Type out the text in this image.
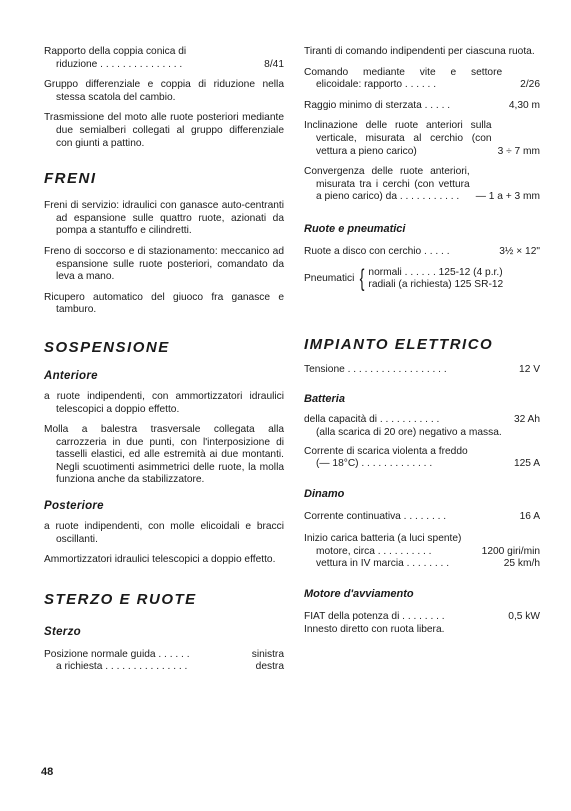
Rapporto della coppia conica di

riduzione . . . . . . . . . . . . . . .	8/41

Gruppo differenziale e coppia di riduzione nella stessa scatola del cambio.

Trasmissione del moto alle ruote posteriori mediante due semialberi collegati al gruppo differenziale con giunti a pattino.

FRENI

Freni di servizio: idraulici con ganasce auto-centranti ad espansione sulle quattro ruote, azionati da pompa a stantuffo e cilindretti.

Freno di soccorso e di stazionamento: meccanico ad espansione sulle ruote posteriori, comandato da leva a mano.

Ricupero automatico del giuoco fra ganasce e tamburo.

SOSPENSIONE
Anteriore

a ruote indipendenti, con ammortizzatori idraulici telescopici a doppio effetto.

Molla a balestra trasversale collegata alla carrozzeria in due punti, con l'interposizione di tasselli elastici, ed alle estremità ai due montanti. Negli scuotimenti asimmetrici delle ruote, la molla funziona anche da stabilizzatore.

Posteriore

a ruote indipendenti, con molle elicoidali e bracci oscillanti.

Ammortizzatori idraulici telescopici a doppio effetto.

STERZO E RUOTE
Sterzo
Posizione normale guida . . . . . .	sinistra
a richiesta . . . . . . . . . . . . . . .	destra

Tiranti di comando indipendenti per ciascuna ruota.

Comando mediante vite e settore elicoidale: rapporto . . . . . .	2/26
Raggio minimo di sterzata . . . . .	4,30 m
Inclinazione delle ruote anteriori sulla verticale, misurata al cerchio (con vettura a pieno carico)	3 ÷ 7 mm
Convergenza delle ruote anteriori, misurata tra i cerchi (con vettura a pieno carico) da . . . . . . . . . . .	— 1 a + 3 mm
Ruote e pneumatici
Ruote a disco con cerchio . . . . .	3½ × 12"
Pneumatici { normali . . . . . . 125-12 (4 p.r.)
radiali (a richiesta) 125 SR-12
IMPIANTO ELETTRICO
Tensione . . . . . . . . . . . . . . . . . .	12 V
Batteria
della capacità di . . . . . . . . . . .	32 Ah

(alla scarica di 20 ore) negativo a massa.

Corrente di scarica violenta a freddo

(— 18°C) . . . . . . . . . . . . .	125 A
Dinamo
Corrente continuativa . . . . . . . .	16 A

Inizio carica batteria (a luci spente)

motore, circa . . . . . . . . . .	1200 giri/min
vettura in IV marcia . . . . . . . .	25 km/h
Motore d'avviamento
FIAT della potenza di . . . . . . . .	0,5 kW

Innesto diretto con ruota libera.

48
